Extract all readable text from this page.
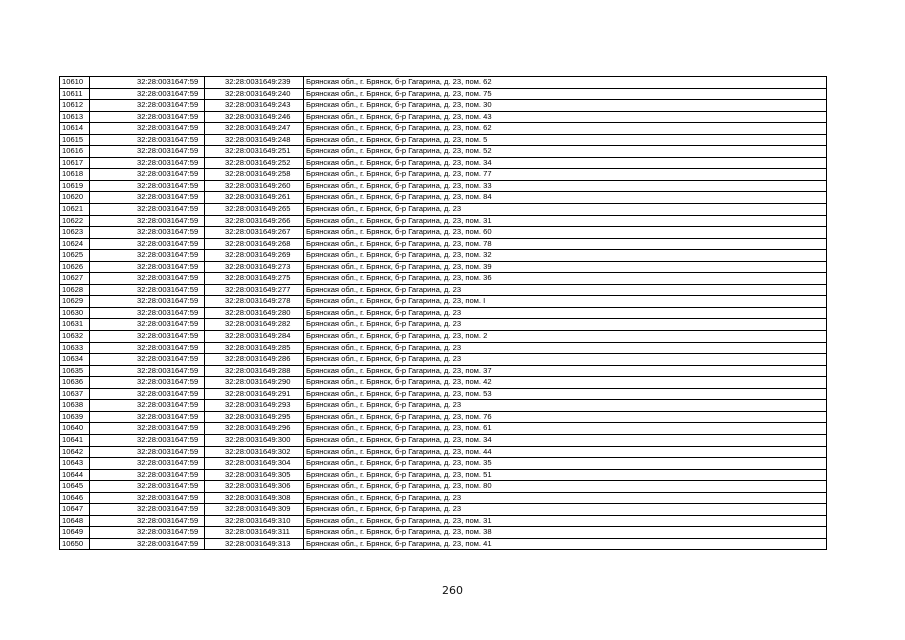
10610	32:28:0031647:59	32:28:0031649:239	Брянская обл., г. Брянск, б-р Гагарина, д. 23, пом. 62
10611	32:28:0031647:59	32:28:0031649:240	Брянская обл., г. Брянск, б-р Гагарина, д. 23, пом. 75
10612	32:28:0031647:59	32:28:0031649:243	Брянская обл., г. Брянск, б-р Гагарина, д. 23, пом. 30
10613	32:28:0031647:59	32:28:0031649:246	Брянская обл., г. Брянск, б-р Гагарина, д. 23, пом. 43
10614	32:28:0031647:59	32:28:0031649:247	Брянская обл., г. Брянск, б-р Гагарина, д. 23, пом. 62
10615	32:28:0031647:59	32:28:0031649:248	Брянская обл., г. Брянск, б-р Гагарина, д. 23, пом. 5
10616	32:28:0031647:59	32:28:0031649:251	Брянская обл., г. Брянск, б-р Гагарина, д. 23, пом. 52
10617	32:28:0031647:59	32:28:0031649:252	Брянская обл., г. Брянск, б-р Гагарина, д. 23, пом. 34
10618	32:28:0031647:59	32:28:0031649:258	Брянская обл., г. Брянск, б-р Гагарина, д. 23, пом. 77
10619	32:28:0031647:59	32:28:0031649:260	Брянская обл., г. Брянск, б-р Гагарина, д. 23, пом. 33
10620	32:28:0031647:59	32:28:0031649:261	Брянская обл., г. Брянск, б-р Гагарина, д. 23, пом. 84
10621	32:28:0031647:59	32:28:0031649:265	Брянская обл., г. Брянск, б-р Гагарина, д. 23
10622	32:28:0031647:59	32:28:0031649:266	Брянская обл., г. Брянск, б-р Гагарина, д. 23, пом. 31
10623	32:28:0031647:59	32:28:0031649:267	Брянская обл., г. Брянск, б-р Гагарина, д. 23, пом. 60
10624	32:28:0031647:59	32:28:0031649:268	Брянская обл., г. Брянск, б-р Гагарина, д. 23, пом. 78
10625	32:28:0031647:59	32:28:0031649:269	Брянская обл., г. Брянск, б-р Гагарина, д. 23, пом. 32
10626	32:28:0031647:59	32:28:0031649:273	Брянская обл., г. Брянск, б-р Гагарина, д. 23, пом. 39
10627	32:28:0031647:59	32:28:0031649:275	Брянская обл., г. Брянск, б-р Гагарина, д. 23, пом. 36
10628	32:28:0031647:59	32:28:0031649:277	Брянская обл., г. Брянск, б-р Гагарина, д. 23
10629	32:28:0031647:59	32:28:0031649:278	Брянская обл., г. Брянск, б-р Гагарина, д. 23, пом. I
10630	32:28:0031647:59	32:28:0031649:280	Брянская обл., г. Брянск, б-р Гагарина, д. 23
10631	32:28:0031647:59	32:28:0031649:282	Брянская обл., г. Брянск, б-р Гагарина, д. 23
10632	32:28:0031647:59	32:28:0031649:284	Брянская обл., г. Брянск, б-р Гагарина, д. 23, пом. 2
10633	32:28:0031647:59	32:28:0031649:285	Брянская обл., г. Брянск, б-р Гагарина, д. 23
10634	32:28:0031647:59	32:28:0031649:286	Брянская обл., г. Брянск, б-р Гагарина, д. 23
10635	32:28:0031647:59	32:28:0031649:288	Брянская обл., г. Брянск, б-р Гагарина, д. 23, пом. 37
10636	32:28:0031647:59	32:28:0031649:290	Брянская обл., г. Брянск, б-р Гагарина, д. 23, пом. 42
10637	32:28:0031647:59	32:28:0031649:291	Брянская обл., г. Брянск, б-р Гагарина, д. 23, пом. 53
10638	32:28:0031647:59	32:28:0031649:293	Брянская обл., г. Брянск, б-р Гагарина, д. 23
10639	32:28:0031647:59	32:28:0031649:295	Брянская обл., г. Брянск, б-р Гагарина, д. 23, пом. 76
10640	32:28:0031647:59	32:28:0031649:296	Брянская обл., г. Брянск, б-р Гагарина, д. 23, пом. 61
10641	32:28:0031647:59	32:28:0031649:300	Брянская обл., г. Брянск, б-р Гагарина, д. 23, пом. 34
10642	32:28:0031647:59	32:28:0031649:302	Брянская обл., г. Брянск, б-р Гагарина, д. 23, пом. 44
10643	32:28:0031647:59	32:28:0031649:304	Брянская обл., г. Брянск, б-р Гагарина, д. 23, пом. 35
10644	32:28:0031647:59	32:28:0031649:305	Брянская обл., г. Брянск, б-р Гагарина, д. 23, пом. 51
10645	32:28:0031647:59	32:28:0031649:306	Брянская обл., г. Брянск, б-р Гагарина, д. 23, пом. 80
10646	32:28:0031647:59	32:28:0031649:308	Брянская обл., г. Брянск, б-р Гагарина, д. 23
10647	32:28:0031647:59	32:28:0031649:309	Брянская обл., г. Брянск, б-р Гагарина, д. 23
10648	32:28:0031647:59	32:28:0031649:310	Брянская обл., г. Брянск, б-р Гагарина, д. 23, пом. 31
10649	32:28:0031647:59	32:28:0031649:311	Брянская обл., г. Брянск, б-р Гагарина, д. 23, пом. 38
10650	32:28:0031647:59	32:28:0031649:313	Брянская обл., г. Брянск, б-р Гагарина, д. 23, пом. 41
260
